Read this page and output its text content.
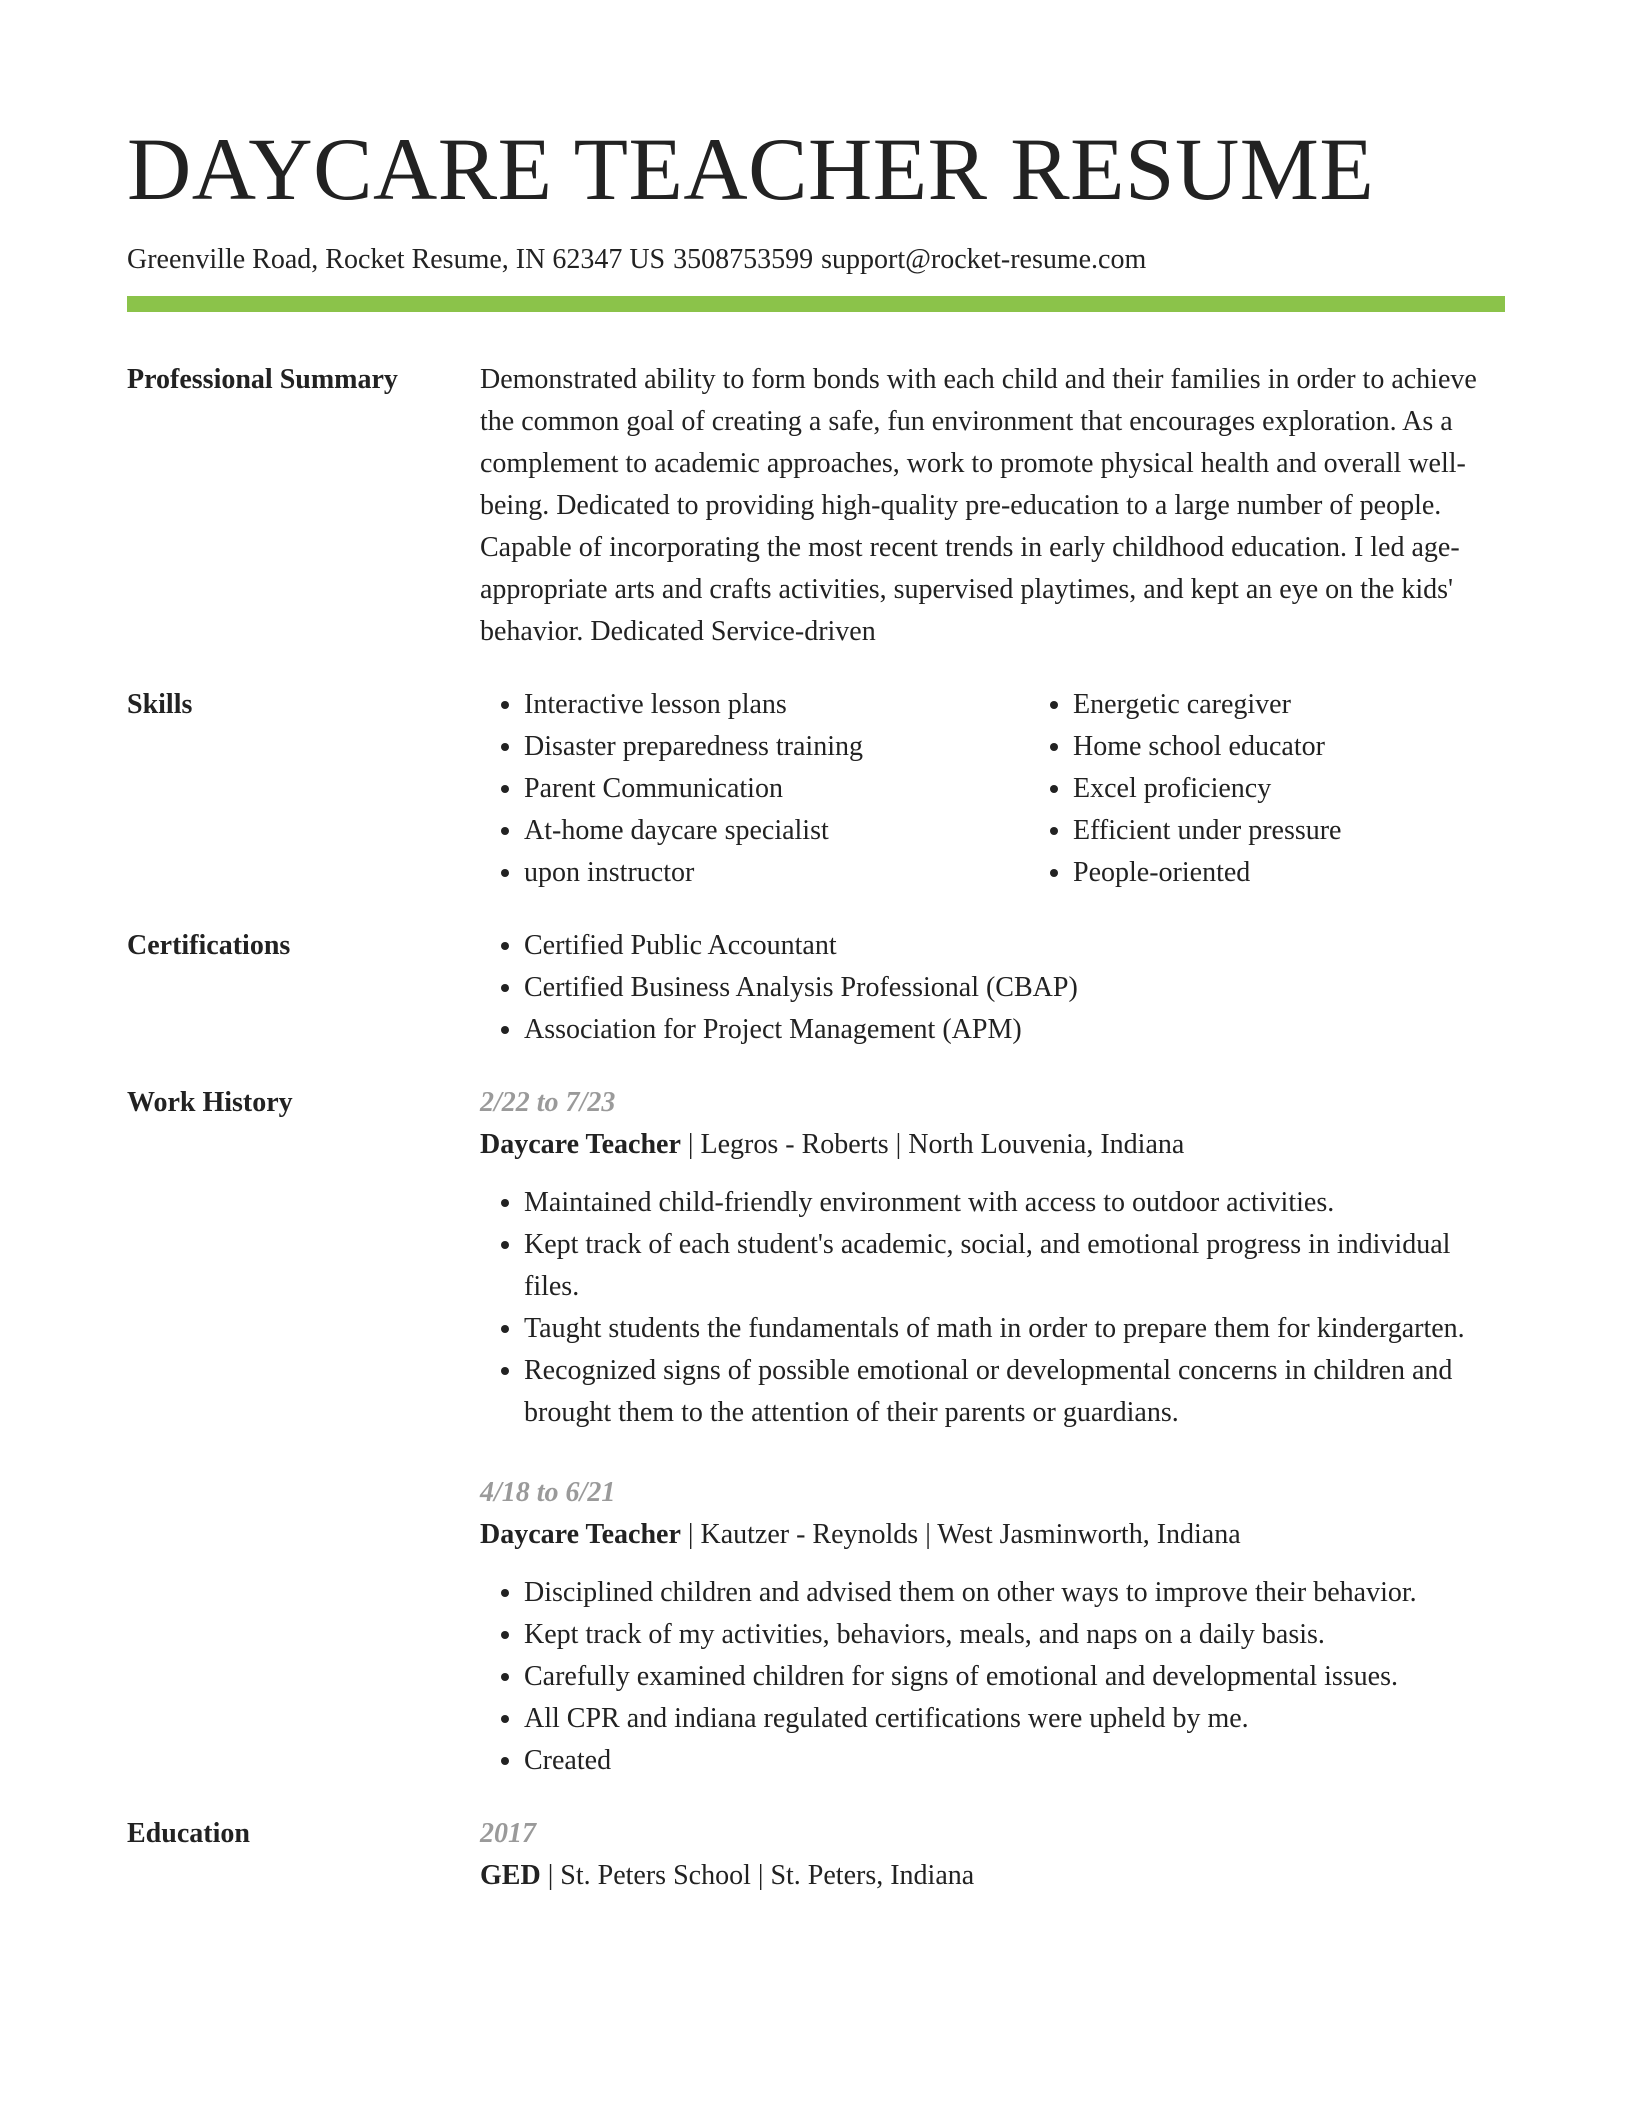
DAYCARE TEACHER RESUME
Greenville Road, Rocket Resume, IN 62347 US 3508753599 support@rocket-resume.com
Professional Summary	Demonstrated ability to form bonds with each child and their families in order to achieve the common goal of creating a safe, fun environment that encourages exploration. As a complement to academic approaches, work to promote physical health and overall well-being. Dedicated to providing high-quality pre-education to a large number of people. Capable of incorporating the most recent trends in early childhood education. I led age-appropriate arts and crafts activities, supervised playtimes, and kept an eye on the kids' behavior. Dedicated Service-driven
Skills	• Interactive lesson plans
• Disaster preparedness training
• Parent Communication
• At-home daycare specialist
• upon instructor
• Energetic caregiver
• Home school educator
• Excel proficiency
• Efficient under pressure
• People-oriented
Certifications	• Certified Public Accountant
• Certified Business Analysis Professional (CBAP)
• Association for Project Management (APM)
Work History	2/22 to 7/23
Daycare Teacher | Legros - Roberts | North Louvenia, Indiana
• Maintained child-friendly environment with access to outdoor activities.
• Kept track of each student's academic, social, and emotional progress in individual files.
• Taught students the fundamentals of math in order to prepare them for kindergarten.
• Recognized signs of possible emotional or developmental concerns in children and brought them to the attention of their parents or guardians.
4/18 to 6/21
Daycare Teacher | Kautzer - Reynolds | West Jasminworth, Indiana
• Disciplined children and advised them on other ways to improve their behavior.
• Kept track of my activities, behaviors, meals, and naps on a daily basis.
• Carefully examined children for signs of emotional and developmental issues.
• All CPR and indiana regulated certifications were upheld by me.
• Created
Education	2017
GED | St. Peters School | St. Peters, Indiana
